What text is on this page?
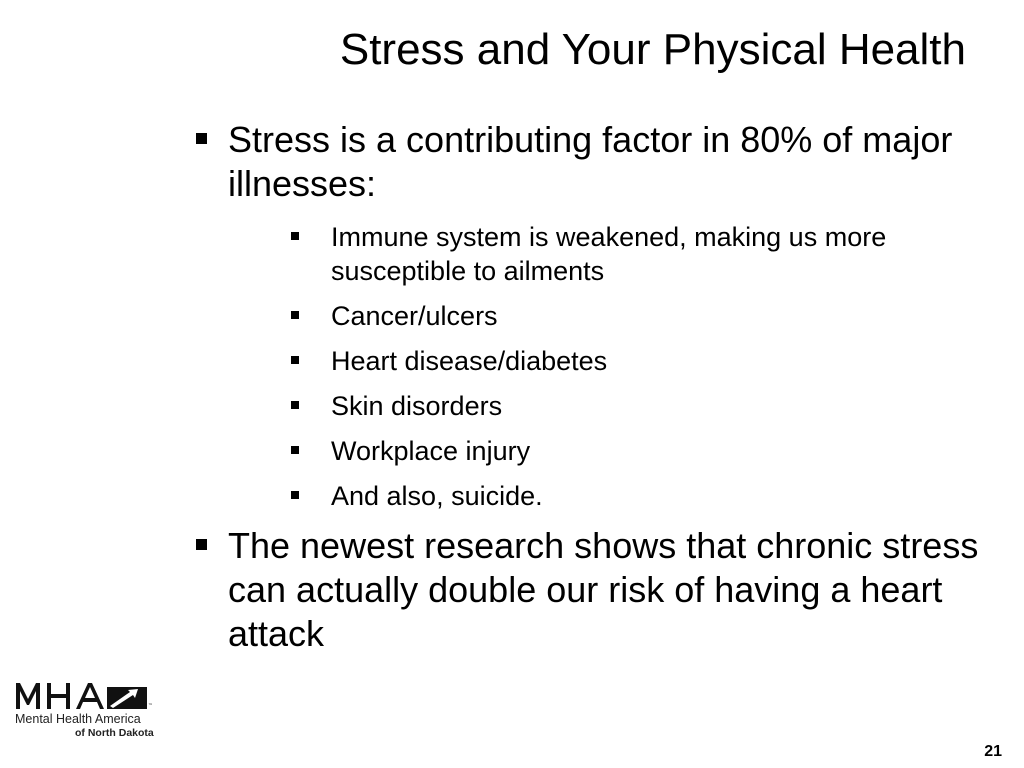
Stress and Your Physical Health
Stress is a contributing factor in 80% of major illnesses:
Immune system is weakened, making us more susceptible to ailments
Cancer/ulcers
Heart disease/diabetes
Skin disorders
Workplace injury
And also, suicide.
The newest research shows that chronic stress can actually double our risk of having a heart attack
™
Mental Health America
of North Dakota
21
